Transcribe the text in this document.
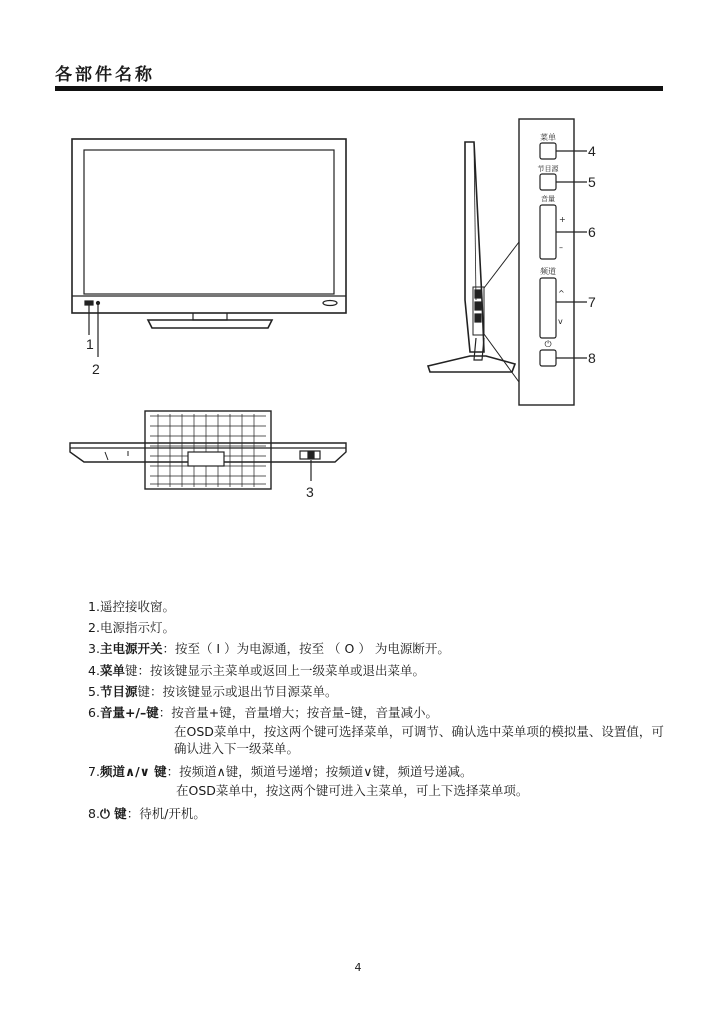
各部件名称
1
2
3
菜单
节目源
音量
+
–
频道
^
v
⏻
4
5
6
7
8
1.遥控接收窗。
2.电源指示灯。
3.主电源开关：按至（ I ）为电源通，按至 （ O ） 为电源断开。
4.菜单键：按该键显示主菜单或返回上一级菜单或退出菜单。
5.节目源键：按该键显示或退出节目源菜单。
6.音量+/–键：按音量+键，音量增大；按音量–键，音量减小。
在OSD菜单中，按这两个键可选择菜单，可调节、确认选中菜单项的模拟量、设置值，可确认进入下一级菜单。
7.频道∧/∨ 键：按频道∧键，频道号递增；按频道∨键，频道号递减。
在OSD菜单中，按这两个键可进入主菜单，可上下选择菜单项。
8.⏻ 键：待机/开机。
4
